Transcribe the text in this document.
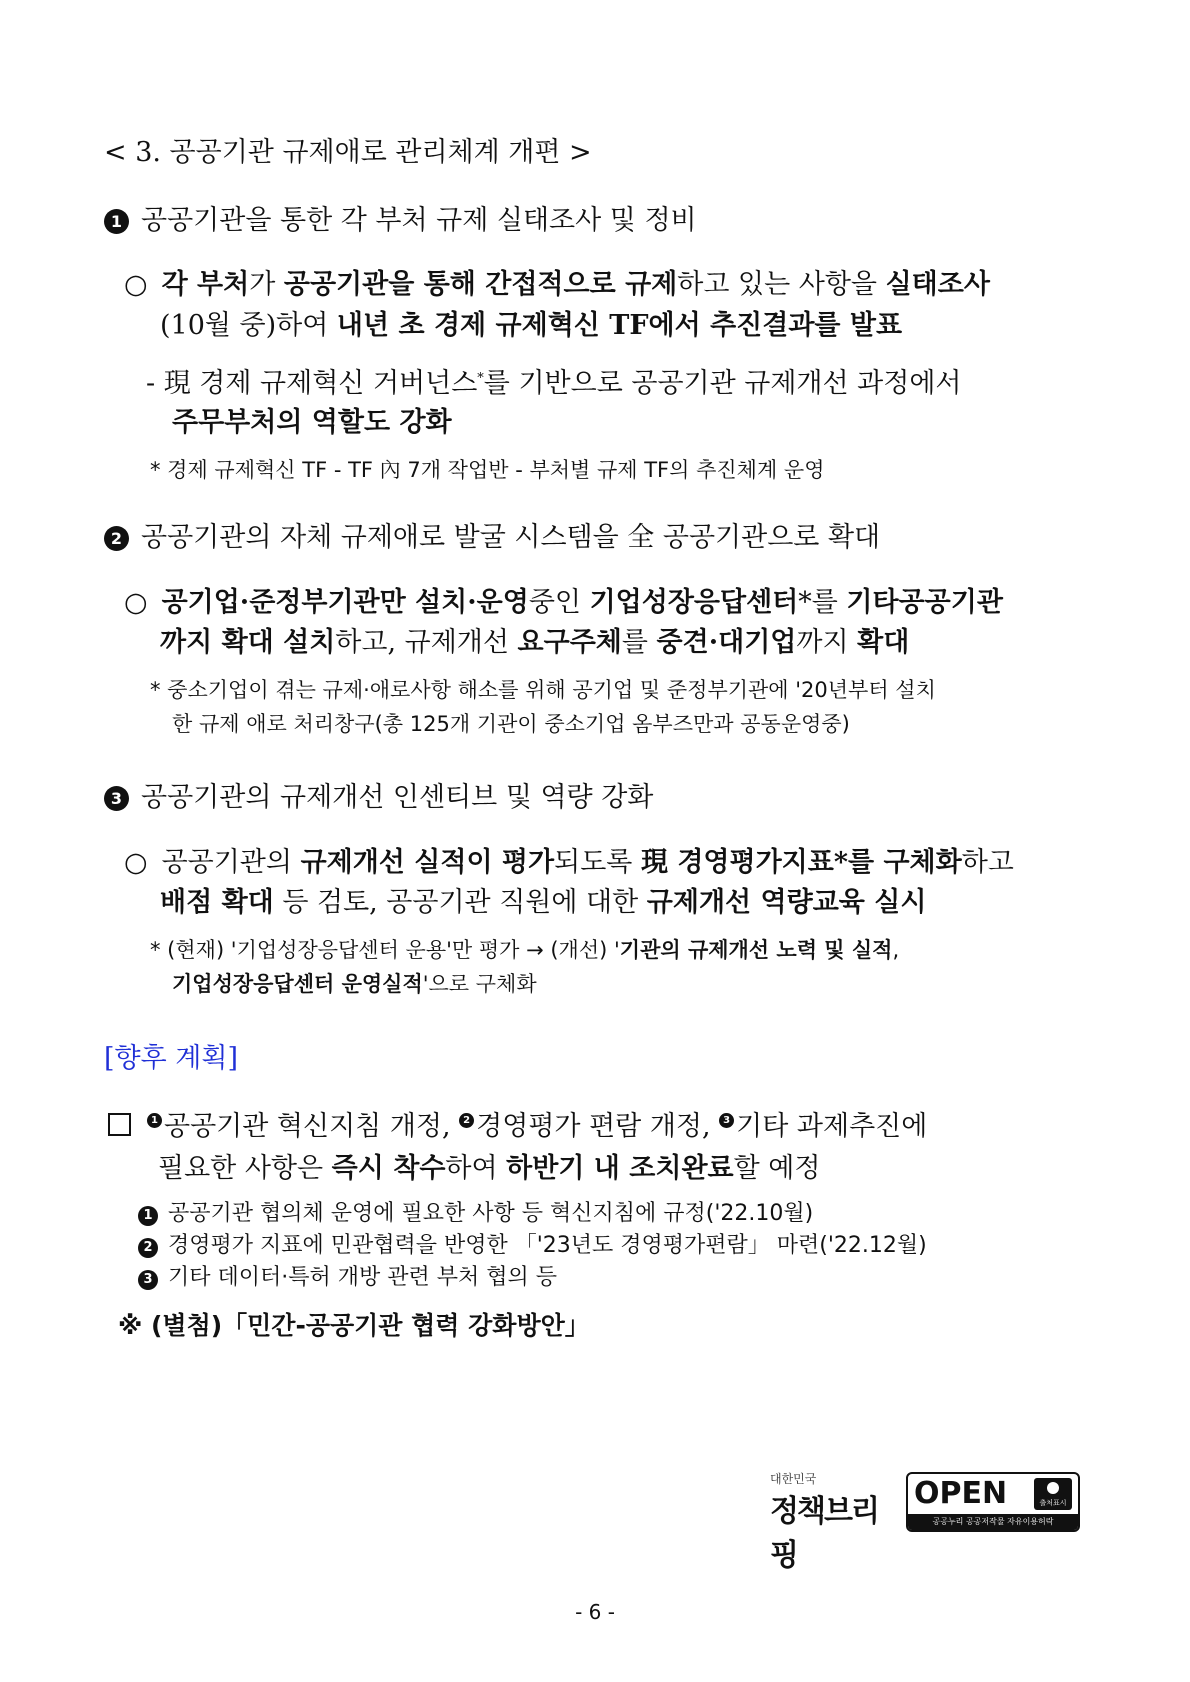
< 3. 공공기관 규제애로 관리체계 개편 >
1 공공기관을 통한 각 부처 규제 실태조사 및 정비
○ 각 부처가 공공기관을 통해 간접적으로 규제하고 있는 사항을 실태조사
(10월 중)하여 내년 초 경제 규제혁신 TF에서 추진결과를 발표
- 現 경제 규제혁신 거버넌스*를 기반으로 공공기관 규제개선 과정에서
주무부처의 역할도 강화
* 경제 규제혁신 TF - TF 內 7개 작업반 - 부처별 규제 TF의 추진체계 운영
2 공공기관의 자체 규제애로 발굴 시스템을 全 공공기관으로 확대
○ 공기업·준정부기관만 설치·운영중인 기업성장응답센터*를 기타공공기관
까지 확대 설치하고, 규제개선 요구주체를 중견·대기업까지 확대
* 중소기업이 겪는 규제·애로사항 해소를 위해 공기업 및 준정부기관에 '20년부터 설치
한 규제 애로 처리창구(총 125개 기관이 중소기업 옴부즈만과 공동운영중)
3 공공기관의 규제개선 인센티브 및 역량 강화
○ 공공기관의 규제개선 실적이 평가되도록 現 경영평가지표*를 구체화하고
배점 확대 등 검토, 공공기관 직원에 대한 규제개선 역량교육 실시
* (현재) '기업성장응답센터 운용'만 평가 → (개선) '기관의 규제개선 노력 및 실적,
기업성장응답센터 운영실적'으로 구체화
[향후 계획]
1 공공기관 혁신지침 개정, 2 경영평가 편람 개정, 3 기타 과제추진에
필요한 사항은 즉시 착수하여 하반기 내 조치완료할 예정
1 공공기관 협의체 운영에 필요한 사항 등 혁신지침에 규정('22.10월)
2 경영평가 지표에 민관협력을 반영한 「'23년도 경영평가편람」 마련('22.12월)
3 기타 데이터·특허 개방 관련 부처 협의 등
※ (별첨)「민간-공공기관 협력 강화방안」
대한민국
정책브리핑
OPEN	출처표시
공공누리 공공저작물 자유이용허락
- 6 -
